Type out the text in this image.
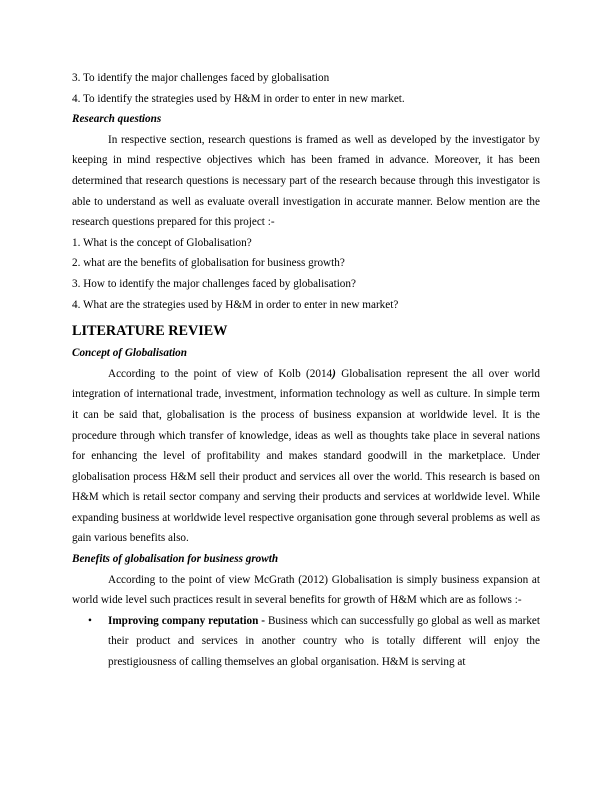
3. To identify the major challenges faced by globalisation

4. To identify the strategies used by H&M in order to enter in new market.

Research questions

In respective section, research questions is framed as well as developed by the investigator by keeping in mind respective objectives which has been framed in advance. Moreover, it has been determined that research questions is necessary part of the research because through this investigator is able to understand as well as evaluate overall investigation in accurate manner. Below mention are the research questions prepared for this project :-

1. What is the concept of Globalisation?

2. what are the benefits of globalisation for business growth?

3. How to identify the major challenges faced by globalisation?

4. What are the strategies used by H&M in order to enter in new market?

LITERATURE REVIEW

Concept of Globalisation

According to the point of view of Kolb (2014) Globalisation represent the all over world integration of international trade, investment, information technology as well as culture. In simple term it can be said that, globalisation is the process of business expansion at worldwide level. It is the procedure through which transfer of knowledge, ideas as well as thoughts take place in several nations for enhancing the level of profitability and makes standard goodwill in the marketplace. Under globalisation process H&M sell their product and services all over the world. This research is based on H&M which is retail sector company and serving their products and services at worldwide level. While expanding business at worldwide level respective organisation gone through several problems as well as gain various benefits also.

Benefits of globalisation for business growth

According to the point of view McGrath (2012) Globalisation is simply business expansion at world wide level such practices result in several benefits for growth of H&M which are as follows :-

• Improving company reputation - Business which can successfully go global as well as market their product and services in another country who is totally different will enjoy the prestigiousness of calling themselves an global organisation. H&M is serving at
